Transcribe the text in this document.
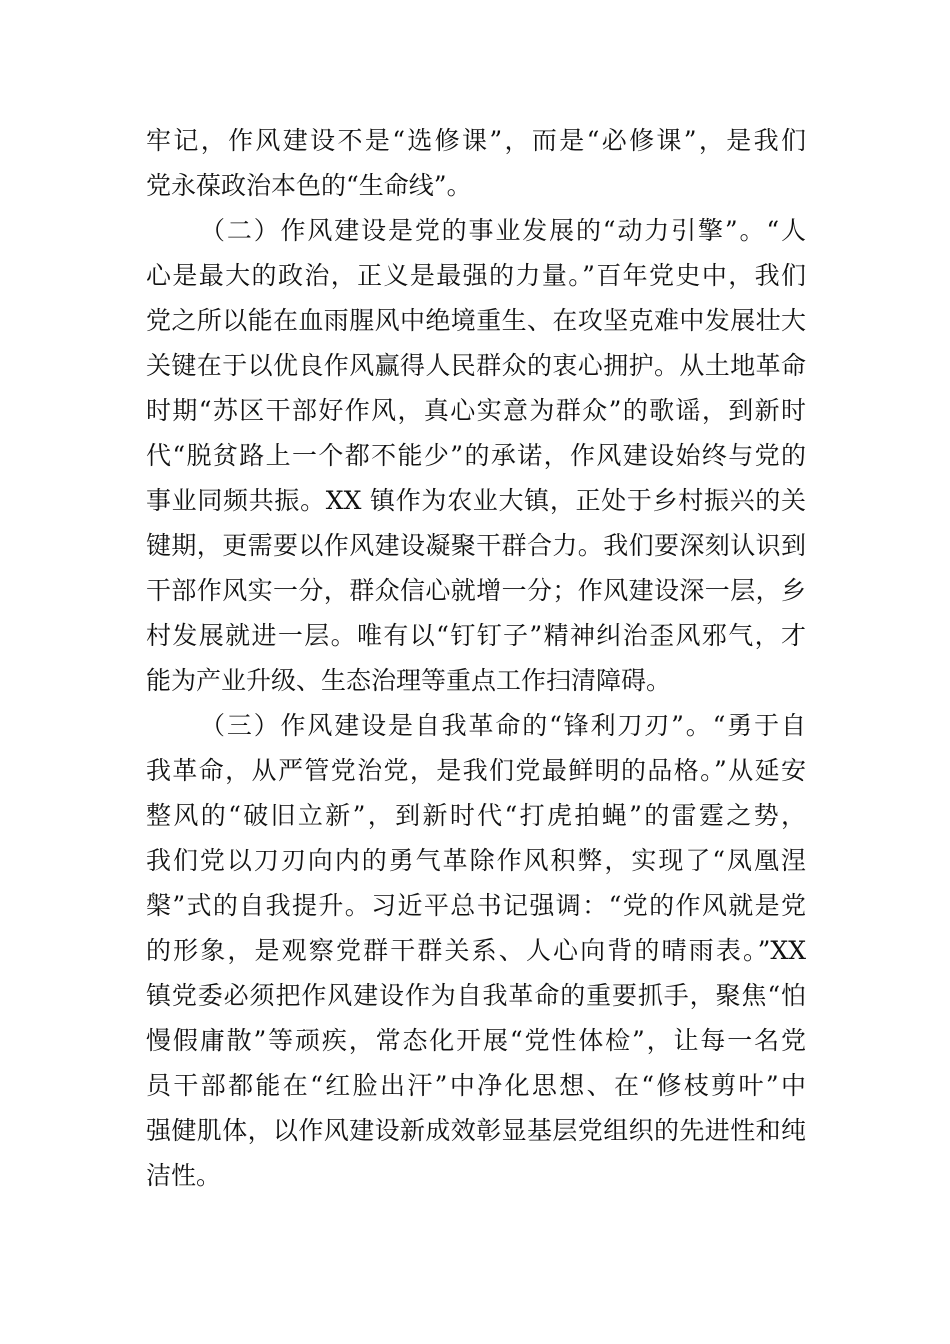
牢记，作风建设不是“选修课”，而是“必修课”，是我们

党永葆政治本色的“生命线”。

（二）作风建设是党的事业发展的“动力引擎”。“人

心是最大的政治，正义是最强的力量。”百年党史中，我们

党之所以能在血雨腥风中绝境重生、在攻坚克难中发展壮大

关键在于以优良作风赢得人民群众的衷心拥护。从土地革命

时期“苏区干部好作风，真心实意为群众”的歌谣，到新时

代“脱贫路上一个都不能少”的承诺，作风建设始终与党的

事业同频共振。XX 镇作为农业大镇，正处于乡村振兴的关

键期，更需要以作风建设凝聚干群合力。我们要深刻认识到

干部作风实一分，群众信心就增一分；作风建设深一层，乡

村发展就进一层。唯有以“钉钉子”精神纠治歪风邪气，才

能为产业升级、生态治理等重点工作扫清障碍。

（三）作风建设是自我革命的“锋利刀刃”。“勇于自

我革命，从严管党治党，是我们党最鲜明的品格。”从延安

整风的“破旧立新”，到新时代“打虎拍蝇”的雷霆之势，

我们党以刀刃向内的勇气革除作风积弊，实现了“凤凰涅

槃”式的自我提升。习近平总书记强调：“党的作风就是党

的形象，是观察党群干群关系、人心向背的晴雨表。”XX

镇党委必须把作风建设作为自我革命的重要抓手，聚焦“怕

慢假庸散”等顽疾，常态化开展“党性体检”，让每一名党

员干部都能在“红脸出汗”中净化思想、在“修枝剪叶”中

强健肌体，以作风建设新成效彰显基层党组织的先进性和纯

洁性。
